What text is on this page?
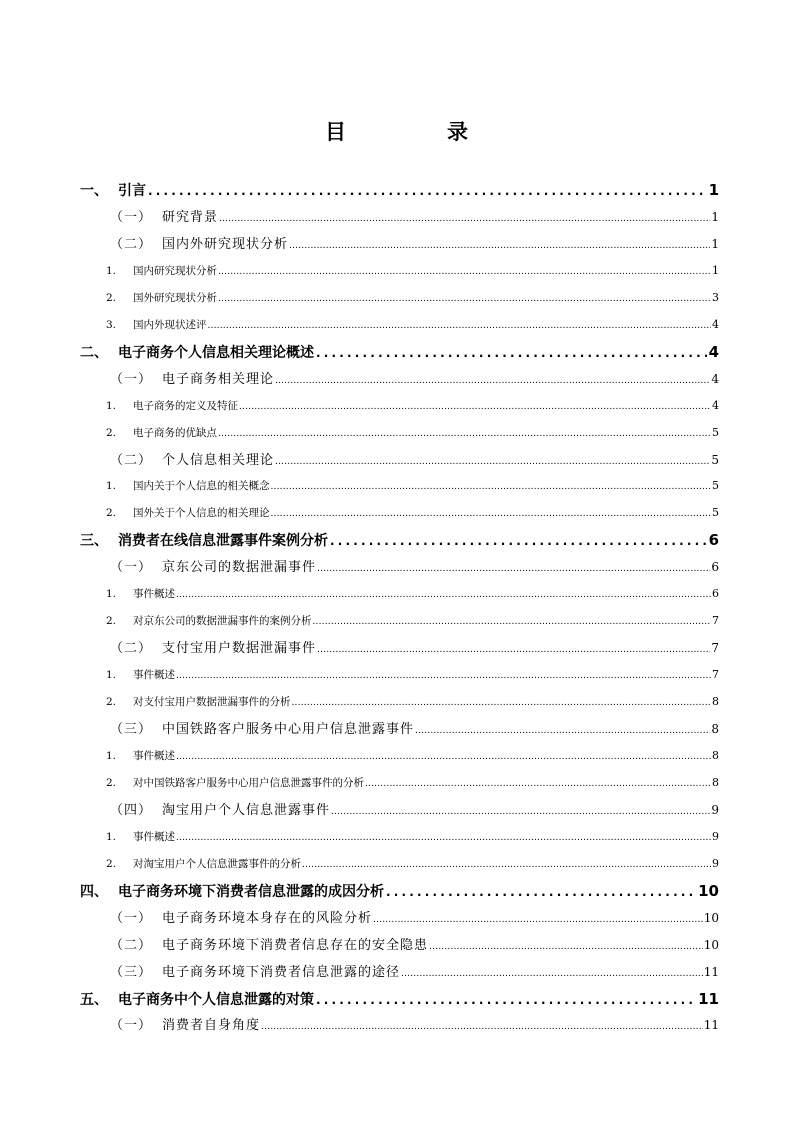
目　录
一、 引言 .....	1
（一） 研究背景 .....	1
（二） 国内外研究现状分析 .....	1
1.	国内研究现状分析 .....	1
2.	国外研究现状分析 .....	3
3.	国内外现状述评 .....	4
二、 电子商务个人信息相关理论概述 .....	4
（一） 电子商务相关理论 .....	4
1.	电子商务的定义及特征 .....	4
2.	电子商务的优缺点 .....	5
（二） 个人信息相关理论 .....	5
1.	国内关于个人信息的相关概念 .....	5
2.	国外关于个人信息的相关理论 .....	5
三、 消费者在线信息泄露事件案例分析 .....	6
（一） 京东公司的数据泄漏事件 .....	6
1.	事件概述 .....	6
2.	对京东公司的数据泄漏事件的案例分析 .....	7
（二） 支付宝用户数据泄漏事件 .....	7
1.	事件概述 .....	7
2.	对支付宝用户数据泄漏事件的分析 .....	8
（三） 中国铁路客户服务中心用户信息泄露事件 .....	8
1.	事件概述 .....	8
2.	对中国铁路客户服务中心用户信息泄露事件的分析 .....	8
（四） 淘宝用户个人信息泄露事件 .....	9
1.	事件概述 .....	9
2.	对淘宝用户个人信息泄露事件的分析 .....	9
四、 电子商务环境下消费者信息泄露的成因分析 .....	10
（一） 电子商务环境本身存在的风险分析 .....	10
（二） 电子商务环境下消费者信息存在的安全隐患 .....	10
（三） 电子商务环境下消费者信息泄露的途径 .....	11
五、 电子商务中个人信息泄露的对策 .....	11
（一） 消费者自身角度 .....	11
